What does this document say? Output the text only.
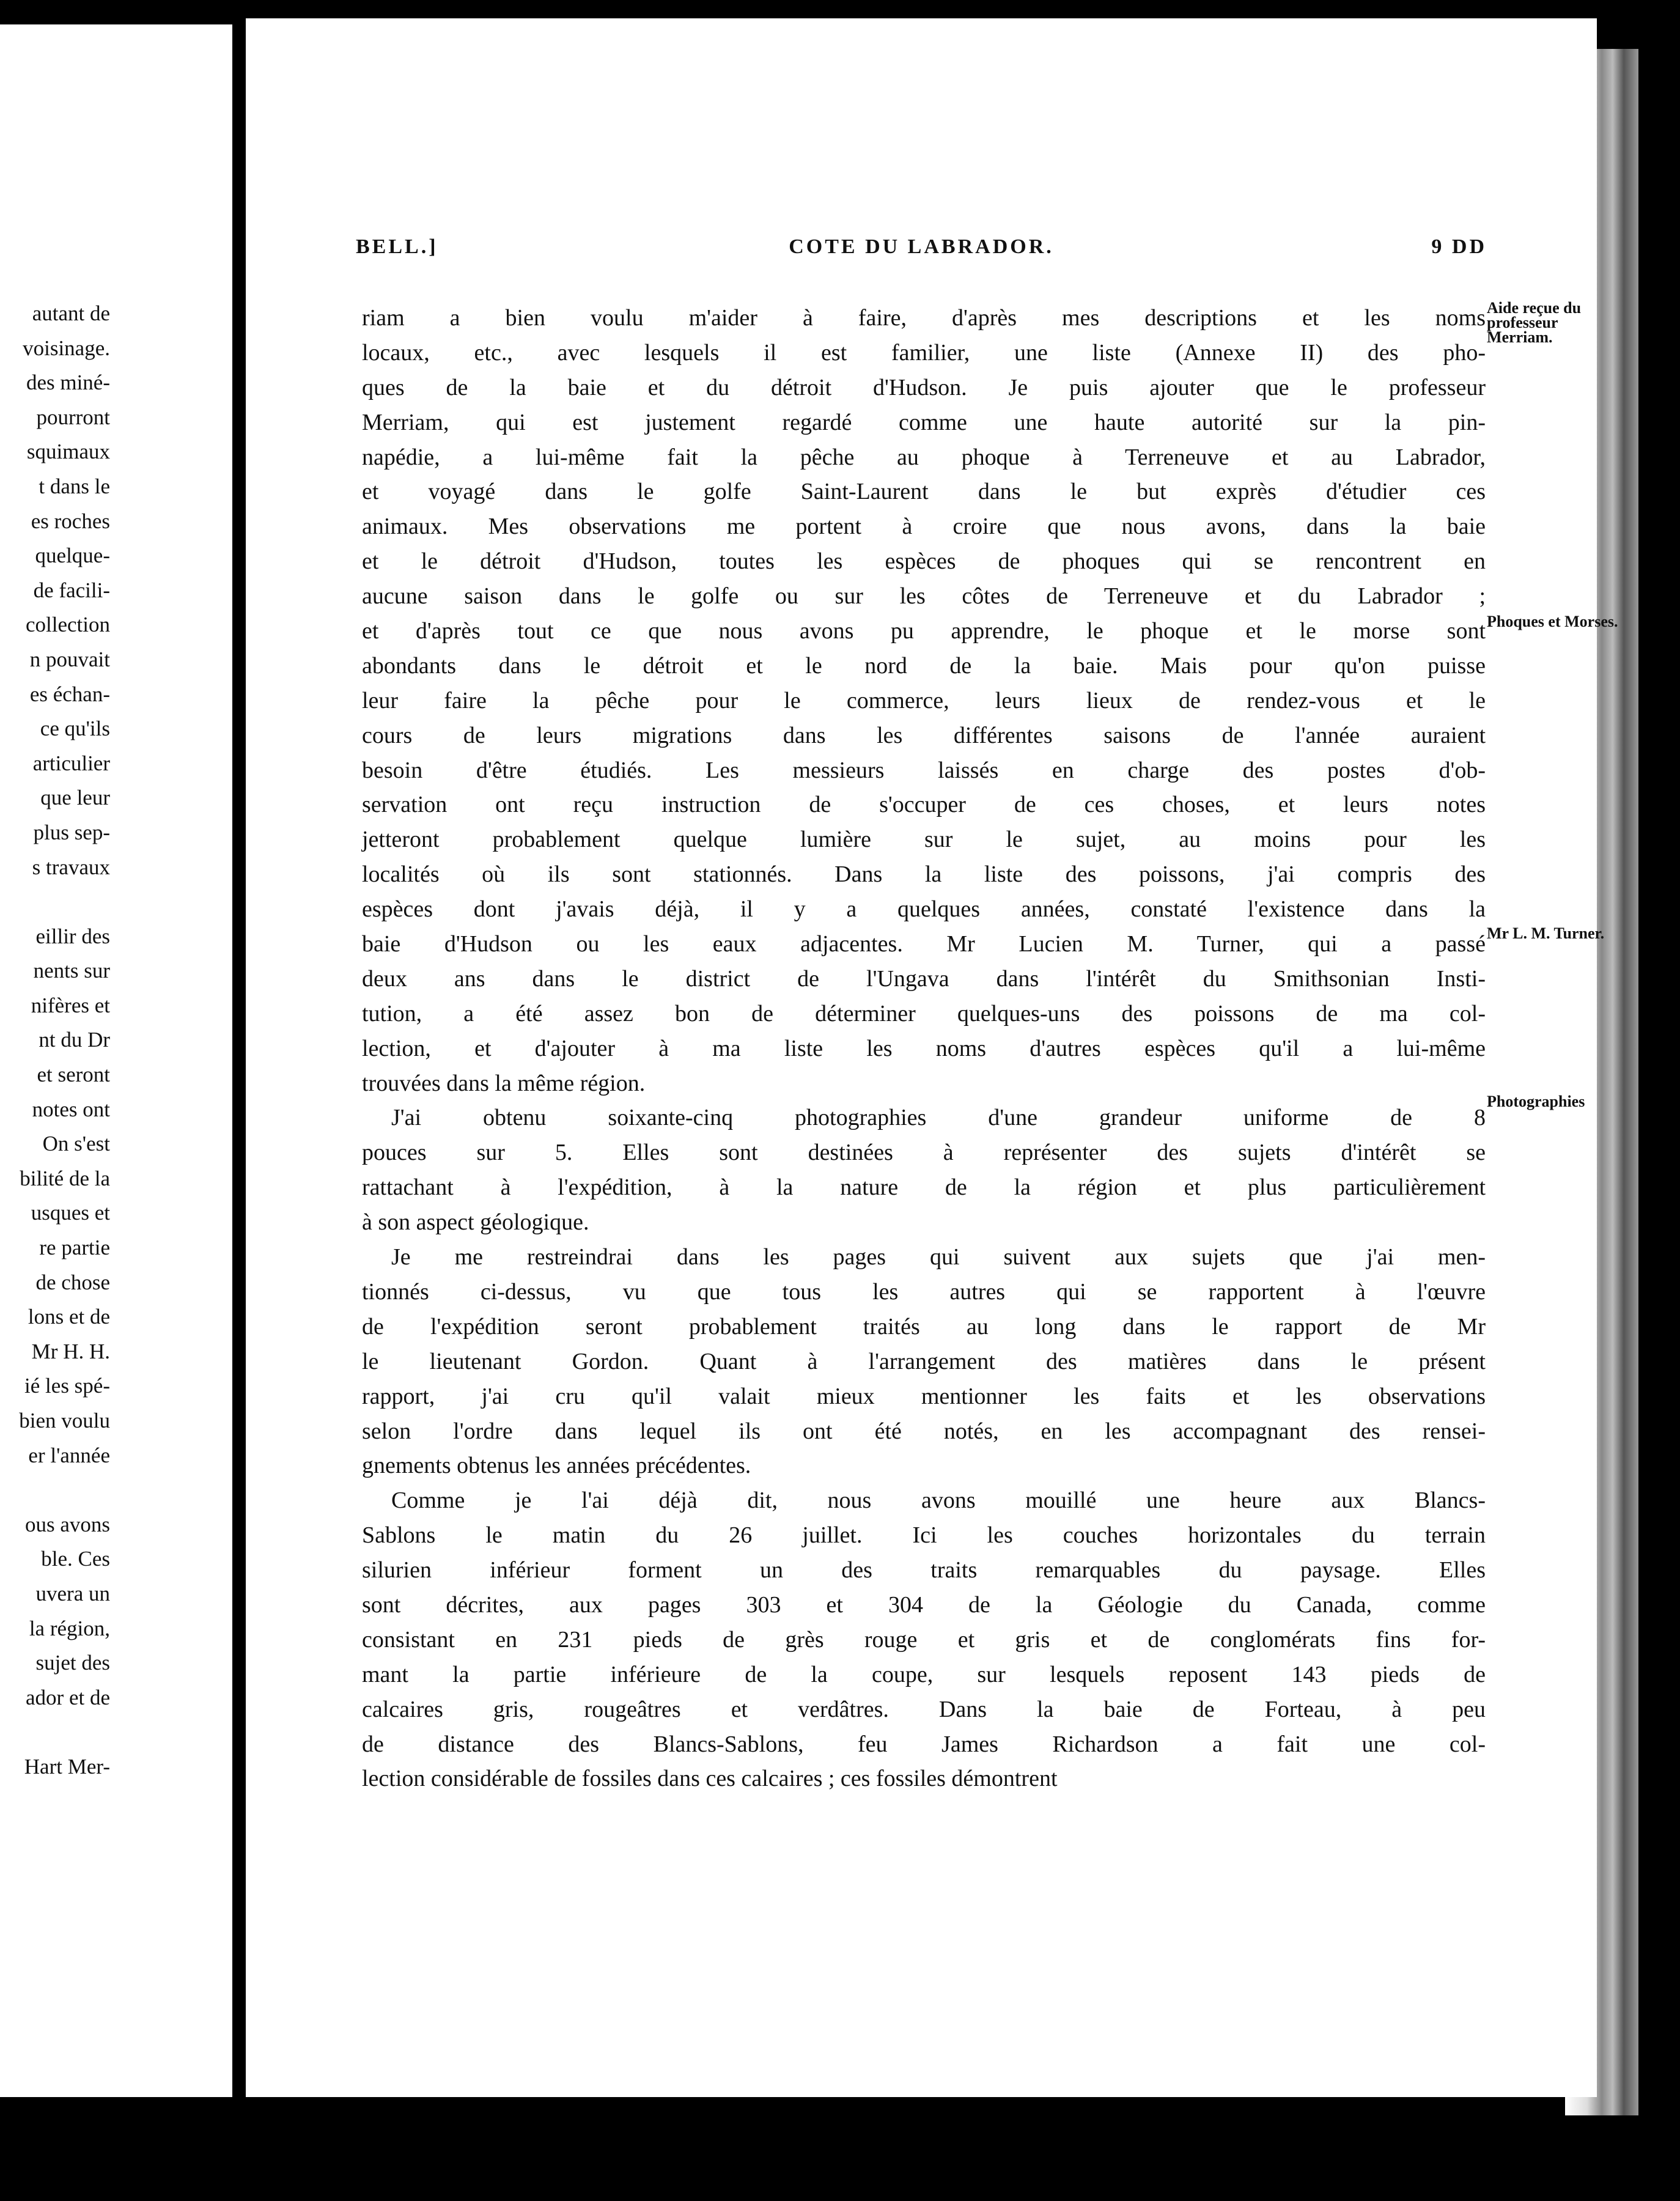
autant de
voisinage.
des miné-
pourront
squimaux
t dans le
es roches
quelque-
de facili-
collection
n pouvait
es échan-
ce qu'ils
articulier
que leur
plus sep-
s travaux
eillir des
nents sur
nifères et
nt du Dr
et seront
notes ont
On s'est
bilité de la
usques et
re partie
de chose
lons et de
Mr H. H.
ié les spé-
bien voulu
er l'année
ous avons
ble. Ces
uvera un
la région,
sujet des
ador et de
Hart Mer-
BELL.]	COTE DU LABRADOR.	9 DD
riam a bien voulu m'aider à faire, d'après mes descriptions et les noms
locaux, etc., avec lesquels il est familier, une liste (Annexe II) des pho-
ques de la baie et du détroit d'Hudson. Je puis ajouter que le professeur
Merriam, qui est justement regardé comme une haute autorité sur la pin-
napédie, a lui-même fait la pêche au phoque à Terreneuve et au Labrador,
et voyagé dans le golfe Saint-Laurent dans le but exprès d'étudier ces
animaux. Mes observations me portent à croire que nous avons, dans la baie
et le détroit d'Hudson, toutes les espèces de phoques qui se rencontrent en
aucune saison dans le golfe ou sur les côtes de Terreneuve et du Labrador ;
et d'après tout ce que nous avons pu apprendre, le phoque et le morse sont
abondants dans le détroit et le nord de la baie. Mais pour qu'on puisse
leur faire la pêche pour le commerce, leurs lieux de rendez-vous et le
cours de leurs migrations dans les différentes saisons de l'année auraient
besoin d'être étudiés. Les messieurs laissés en charge des postes d'ob-
servation ont reçu instruction de s'occuper de ces choses, et leurs notes
jetteront probablement quelque lumière sur le sujet, au moins pour les
localités où ils sont stationnés. Dans la liste des poissons, j'ai compris des
espèces dont j'avais déjà, il y a quelques années, constaté l'existence dans la
baie d'Hudson ou les eaux adjacentes. Mr Lucien M. Turner, qui a passé
deux ans dans le district de l'Ungava dans l'intérêt du Smithsonian Insti-
tution, a été assez bon de déterminer quelques-uns des poissons de ma col-
lection, et d'ajouter à ma liste les noms d'autres espèces qu'il a lui-même
trouvées dans la même région.
J'ai obtenu soixante-cinq photographies d'une grandeur uniforme de 8
pouces sur 5. Elles sont destinées à représenter des sujets d'intérêt se
rattachant à l'expédition, à la nature de la région et plus particulièrement
à son aspect géologique.
Je me restreindrai dans les pages qui suivent aux sujets que j'ai men-
tionnés ci-dessus, vu que tous les autres qui se rapportent à l'œuvre
de l'expédition seront probablement traités au long dans le rapport de Mr
le lieutenant Gordon. Quant à l'arrangement des matières dans le présent
rapport, j'ai cru qu'il valait mieux mentionner les faits et les observations
selon l'ordre dans lequel ils ont été notés, en les accompagnant des rensei-
gnements obtenus les années précédentes.
Comme je l'ai déjà dit, nous avons mouillé une heure aux Blancs-
Sablons le matin du 26 juillet. Ici les couches horizontales du terrain
silurien inférieur forment un des traits remarquables du paysage. Elles
sont décrites, aux pages 303 et 304 de la Géologie du Canada, comme
consistant en 231 pieds de grès rouge et gris et de conglomérats fins for-
mant la partie inférieure de la coupe, sur lesquels reposent 143 pieds de
calcaires gris, rougeâtres et verdâtres. Dans la baie de Forteau, à peu
de distance des Blancs-Sablons, feu James Richardson a fait une col-
lection considérable de fossiles dans ces calcaires ; ces fossiles démontrent
Aide reçue du professeur Merriam.
Phoques et Morses.
Mr L. M. Turner.
Photographies
